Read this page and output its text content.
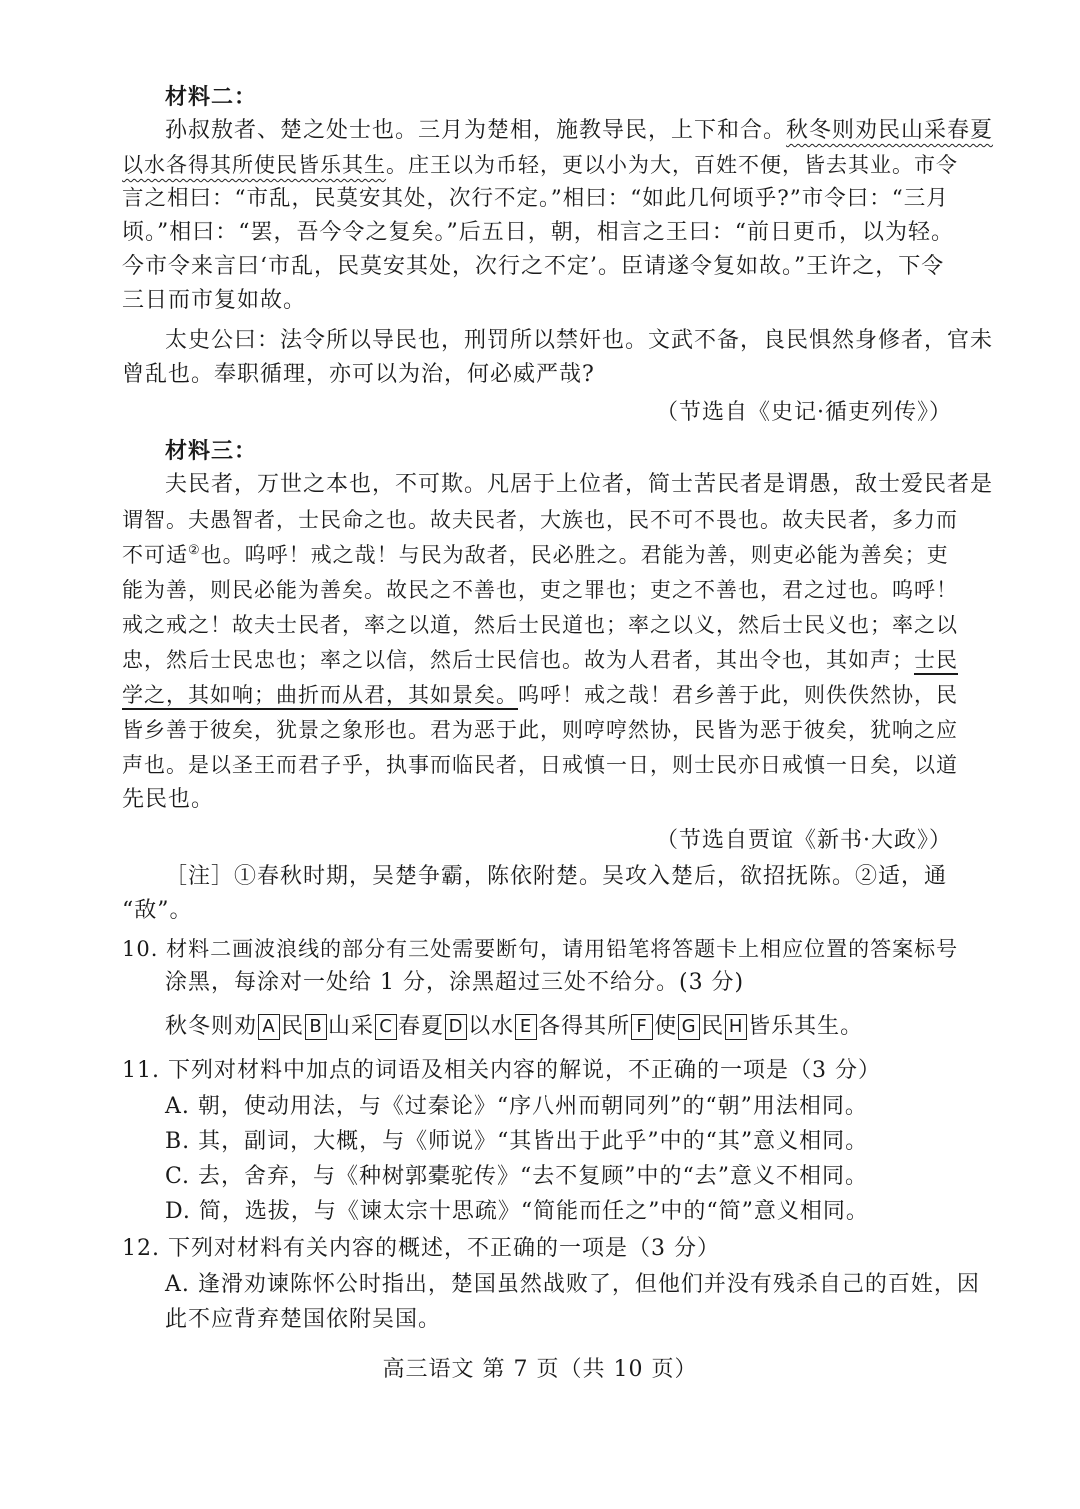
材料二：
孙叔敖者、楚之处士也。三月为楚相，施教导民，上下和合。秋冬则劝民山采春夏
以水各得其所使民皆乐其生。庄王以为币轻，更以小为大，百姓不便，皆去其业。市令
言之相曰：“市乱，民莫安其处，次行不定。”相曰：“如此几何顷乎?”市令曰：“三月
顷。”相曰：“罢，吾今令之复矣。”后五日，朝，相言之王曰：“前日更币，以为轻。
今市令来言曰‘市乱，民莫安其处，次行之不定’。臣请遂令复如故。”王许之，下令
三日而市复如故。
太史公曰：法令所以导民也，刑罚所以禁奸也。文武不备，良民惧然身修者，官未
曾乱也。奉职循理，亦可以为治，何必威严哉?
（节选自《史记·循吏列传》）
材料三：
夫民者，万世之本也，不可欺。凡居于上位者，简士苦民者是谓愚，敌士爱民者是
谓智。夫愚智者，士民命之也。故夫民者，大族也，民不可不畏也。故夫民者，多力而
不可适②也。呜呼！戒之哉！与民为敌者，民必胜之。君能为善，则吏必能为善矣；吏
能为善，则民必能为善矣。故民之不善也，吏之罪也；吏之不善也，君之过也。呜呼！
戒之戒之！故夫士民者，率之以道，然后士民道也；率之以义，然后士民义也；率之以
忠，然后士民忠也；率之以信，然后士民信也。故为人君者，其出令也，其如声；士民
学之，其如响；曲折而从君，其如景矣。呜呼！戒之哉！君乡善于此，则佚佚然协，民
皆乡善于彼矣，犹景之象形也。君为恶于此，则哼哼然协，民皆为恶于彼矣，犹响之应
声也。是以圣王而君子乎，执事而临民者，日戒慎一日，则士民亦日戒慎一日矣，以道
先民也。
（节选自贾谊《新书·大政》）
［注］①春秋时期，吴楚争霸，陈依附楚。吴攻入楚后，欲招抚陈。②适，通
“敌”。
10. 材料二画波浪线的部分有三处需要断句，请用铅笔将答题卡上相应位置的答案标号
涂黑，每涂对一处给 1 分，涂黑超过三处不给分。(3 分)
秋冬则劝 A 民 B 山采 C 春夏 D 以水 E 各得其所 F 使 G 民 H 皆乐其生。
11. 下列对材料中加点的词语及相关内容的解说，不正确的一项是（3 分）
A. 朝，使动用法，与《过秦论》“序八州而朝同列”的“朝”用法相同。
B. 其，副词，大概，与《师说》“其皆出于此乎”中的“其”意义相同。
C. 去，舍弃，与《种树郭橐驼传》“去不复顾”中的“去”意义不相同。
D. 简，选拔，与《谏太宗十思疏》“简能而任之”中的“简”意义相同。
12. 下列对材料有关内容的概述，不正确的一项是（3 分）
A. 逢滑劝谏陈怀公时指出，楚国虽然战败了，但他们并没有残杀自己的百姓，因
此不应背弃楚国依附吴国。
高三语文 第 7 页（共 10 页）
